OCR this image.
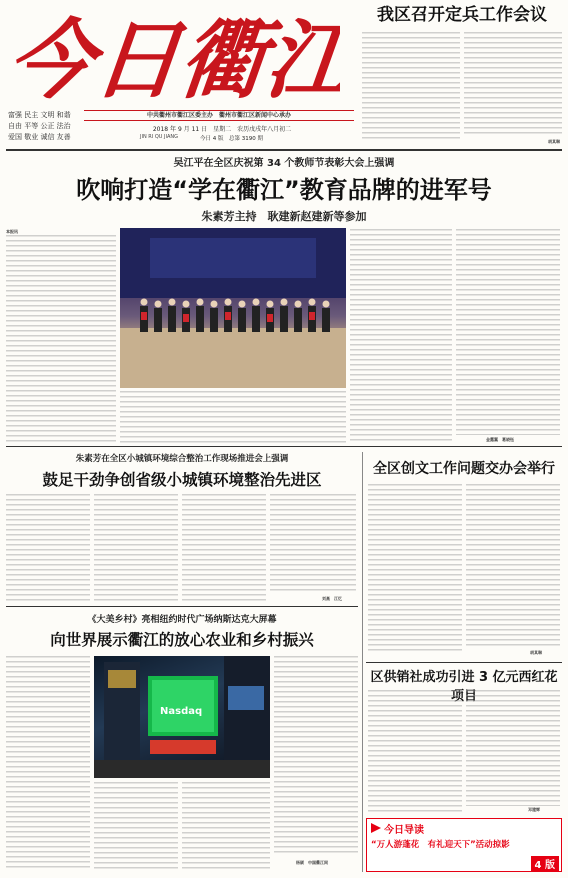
今日衢江
富强 民主 文明 和谐
自由 平等 公正 法治
爱国 敬业 诚信 友善
中共衢州市衢江区委主办　衢州市衢江区新闻中心承办
2018 年 9 月 11 日　星期二　农历戊戌年八月初二
JIN RI QU JIANG	今日 4 版　总第 3190 期
我区召开定兵工作会议
胡其琳
吴江平在全区庆祝第 34 个教师节表彰大会上强调
吹响打造“学在衢江”教育品牌的进军号
朱素芳主持　耿建新赵建新等参加
本报讯
金露翼　葛晓钰
朱素芳在全区小城镇环境综合整治工作现场推进会上强调
鼓足干劲争创省级小城镇环境整治先进区
刘高　江忆
《大美乡村》亮相纽约时代广场纳斯达克大屏幕
向世界展示衢江的放心农业和乡村振兴
Nasdaq
杨颖　中国衢江网
全区创文工作问题交办会举行
胡其琳
区供销社成功引进 3 亿元西红花项目
邓建辉
今日导读
“万人游蓬花　有礼迎天下”活动掠影
4 版
